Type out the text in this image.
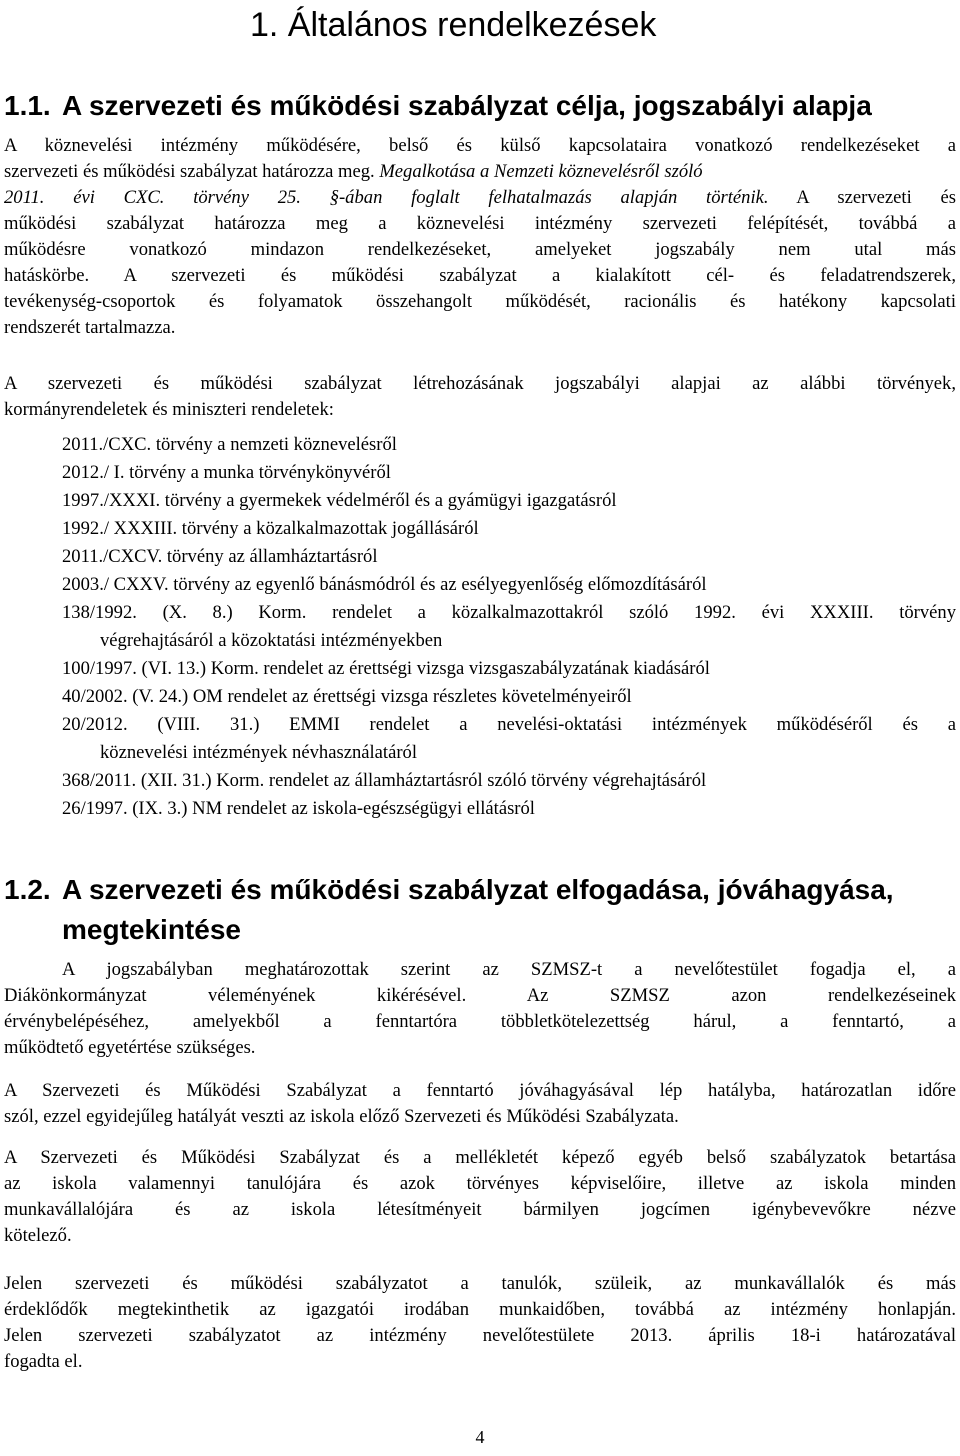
1. Általános rendelkezések
1.1. A szervezeti és működési szabályzat célja, jogszabályi alapja
A köznevelési intézmény működésére, belső és külső kapcsolataira vonatkozó rendelkezéseket a
szervezeti és működési szabályzat határozza meg. Megalkotása a Nemzeti köznevelésről szóló
2011. évi CXC. törvény 25. §-ában foglalt felhatalmazás alapján történik. A szervezeti és
működési szabályzat határozza meg a köznevelési intézmény szervezeti felépítését, továbbá a
működésre vonatkozó mindazon rendelkezéseket, amelyeket jogszabály nem utal más
hatáskörbe. A szervezeti és működési szabályzat a kialakított cél- és feladatrendszerek,
tevékenység-csoportok és folyamatok összehangolt működését, racionális és hatékony kapcsolati
rendszerét tartalmazza.
A szervezeti és működési szabályzat létrehozásának jogszabályi alapjai az alábbi törvények,
kormányrendeletek és miniszteri rendeletek:
2011./CXC. törvény a nemzeti köznevelésről
2012./ I. törvény a munka törvénykönyvéről
1997./XXXI. törvény a gyermekek védelméről és a gyámügyi igazgatásról
1992./ XXXIII. törvény a közalkalmazottak jogállásáról
2011./CXCV. törvény az államháztartásról
2003./ CXXV. törvény az egyenlő bánásmódról és az esélyegyenlőség előmozdításáról
138/1992. (X. 8.) Korm. rendelet a közalkalmazottakról szóló 1992. évi XXXIII. törvény
végrehajtásáról a közoktatási intézményekben
100/1997. (VI. 13.) Korm. rendelet az érettségi vizsga vizsgaszabályzatának kiadásáról
40/2002. (V. 24.) OM rendelet az érettségi vizsga részletes követelményeiről
20/2012. (VIII. 31.) EMMI rendelet a nevelési-oktatási intézmények működéséről és a
köznevelési intézmények névhasználatáról
368/2011. (XII. 31.) Korm. rendelet az államháztartásról szóló törvény végrehajtásáról
26/1997. (IX. 3.) NM rendelet az iskola-egészségügyi ellátásról
1.2. A szervezeti és működési szabályzat elfogadása, jóváhagyása,
megtekintése
A jogszabályban meghatározottak szerint az SZMSZ-t a nevelőtestület fogadja el, a
Diákönkormányzat véleményének kikérésével. Az SZMSZ azon rendelkezéseinek
érvénybelépéséhez, amelyekből a fenntartóra többletkötelezettség hárul, a fenntartó, a
működtető egyetértése szükséges.
A Szervezeti és Működési Szabályzat a fenntartó jóváhagyásával lép hatályba, határozatlan időre
szól, ezzel egyidejűleg hatályát veszti az iskola előző Szervezeti és Működési Szabályzata.
A Szervezeti és Működési Szabályzat és a mellékletét képező egyéb belső szabályzatok betartása
az iskola valamennyi tanulójára és azok törvényes képviselőire, illetve az iskola minden
munkavállalójára és az iskola létesítményeit bármilyen jogcímen igénybevevőkre nézve
kötelező.
Jelen szervezeti és működési szabályzatot a tanulók, szüleik, az munkavállalók és más
érdeklődők megtekinthetik az igazgatói irodában munkaidőben, továbbá az intézmény honlapján.
Jelen szervezeti szabályzatot az intézmény nevelőtestülete 2013. április 18-i határozatával
fogadta el.
4
